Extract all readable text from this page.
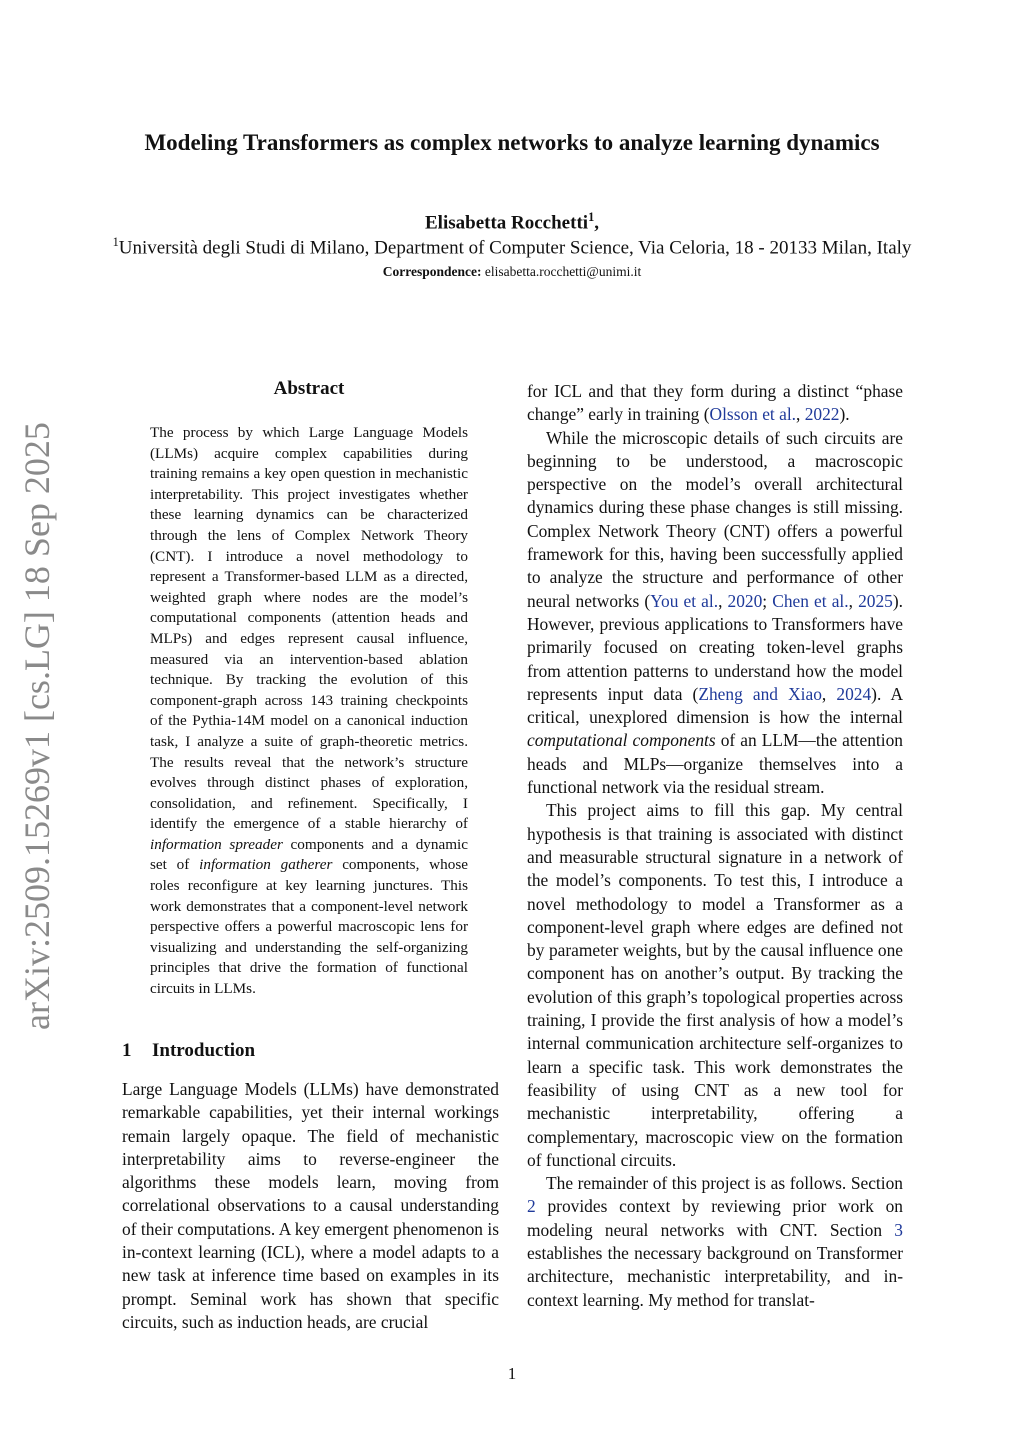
Modeling Transformers as complex networks to analyze learning dynamics
Elisabetta Rocchetti$^1$,
$^1$Università degli Studi di Milano, Department of Computer Science, Via Celoria, 18 - 20133 Milan, Italy
Correspondence: elisabetta.rocchetti@unimi.it
arXiv:2509.15269v1 [cs.LG] 18 Sep 2025
Abstract
The process by which Large Language Models (LLMs) acquire complex capabilities during training remains a key open question in mechanistic interpretability. This project investigates whether these learning dynamics can be characterized through the lens of Complex Network Theory (CNT). I introduce a novel methodology to represent a Transformer-based LLM as a directed, weighted graph where nodes are the model’s computational components (attention heads and MLPs) and edges represent causal influence, measured via an intervention-based ablation technique. By tracking the evolution of this component-graph across 143 training checkpoints of the Pythia-14M model on a canonical induction task, I analyze a suite of graph-theoretic metrics. The results reveal that the network’s structure evolves through distinct phases of exploration, consolidation, and refinement. Specifically, I identify the emergence of a stable hierarchy of information spreader components and a dynamic set of information gatherer components, whose roles reconfigure at key learning junctures. This work demonstrates that a component-level network perspective offers a powerful macroscopic lens for visualizing and understanding the self-organizing principles that drive the formation of functional circuits in LLMs.
1 Introduction

Large Language Models (LLMs) have demonstrated remarkable capabilities, yet their internal workings remain largely opaque. The field of mechanistic interpretability aims to reverse-engineer the algorithms these models learn, moving from correlational observations to a causal understanding of their computations. A key emergent phenomenon is in-context learning (ICL), where a model adapts to a new task at inference time based on examples in its prompt. Seminal work has shown that specific circuits, such as induction heads, are crucial

for ICL and that they form during a distinct “phase change” early in training (Olsson et al., 2022).

While the microscopic details of such circuits are beginning to be understood, a macroscopic perspective on the model’s overall architectural dynamics during these phase changes is still missing. Complex Network Theory (CNT) offers a powerful framework for this, having been successfully applied to analyze the structure and performance of other neural networks (You et al., 2020; Chen et al., 2025). However, previous applications to Transformers have primarily focused on creating token-level graphs from attention patterns to understand how the model represents input data (Zheng and Xiao, 2024). A critical, unexplored dimension is how the internal computational components of an LLM—the attention heads and MLPs—organize themselves into a functional network via the residual stream.

This project aims to fill this gap. My central hypothesis is that training is associated with distinct and measurable structural signature in a network of the model’s components. To test this, I introduce a novel methodology to model a Transformer as a component-level graph where edges are defined not by parameter weights, but by the causal influence one component has on another’s output. By tracking the evolution of this graph’s topological properties across training, I provide the first analysis of how a model’s internal communication architecture self-organizes to learn a specific task. This work demonstrates the feasibility of using CNT as a new tool for mechanistic interpretability, offering a complementary, macroscopic view on the formation of functional circuits.

The remainder of this project is as follows. Section 2 provides context by reviewing prior work on modeling neural networks with CNT. Section 3 establishes the necessary background on Transformer architecture, mechanistic interpretability, and in-context learning. My method for translat-

1
